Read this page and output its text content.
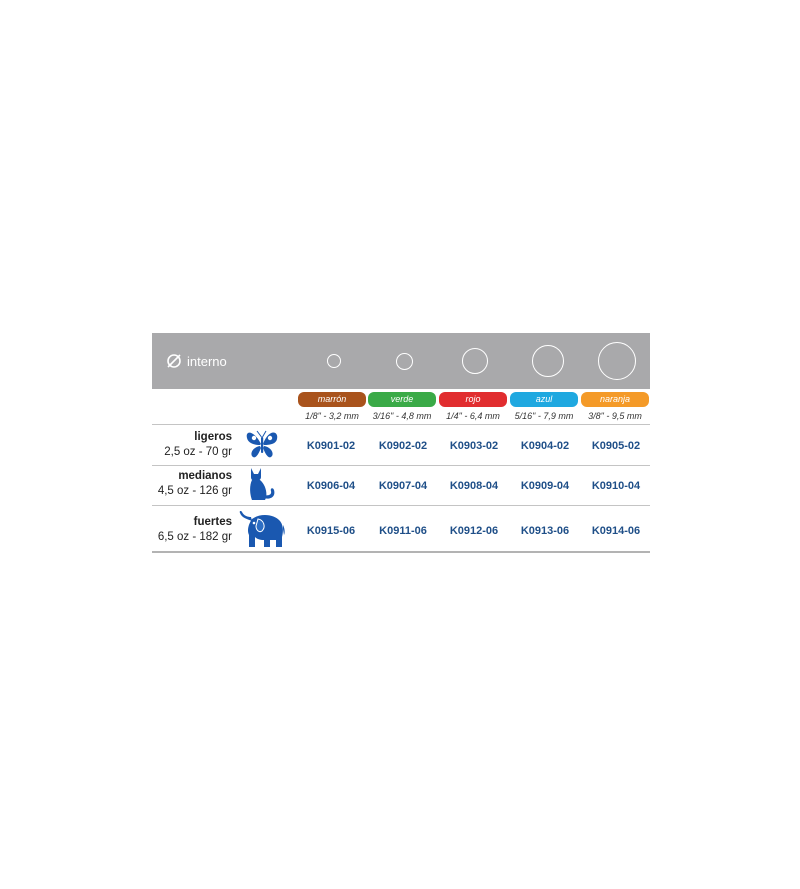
interno
marrón	verde	rojo	azul	naranja
1/8" - 3,2 mm	3/16" - 4,8 mm	1/4" - 6,4 mm	5/16" - 7,9 mm	3/8" - 9,5 mm
ligeros
2,5 oz - 70 gr	K0901-02	K0902-02	K0903-02	K0904-02	K0905-02
medianos
4,5 oz - 126 gr	K0906-04	K0907-04	K0908-04	K0909-04	K0910-04
fuertes
6,5 oz - 182 gr	K0915-06	K0911-06	K0912-06	K0913-06	K0914-06
